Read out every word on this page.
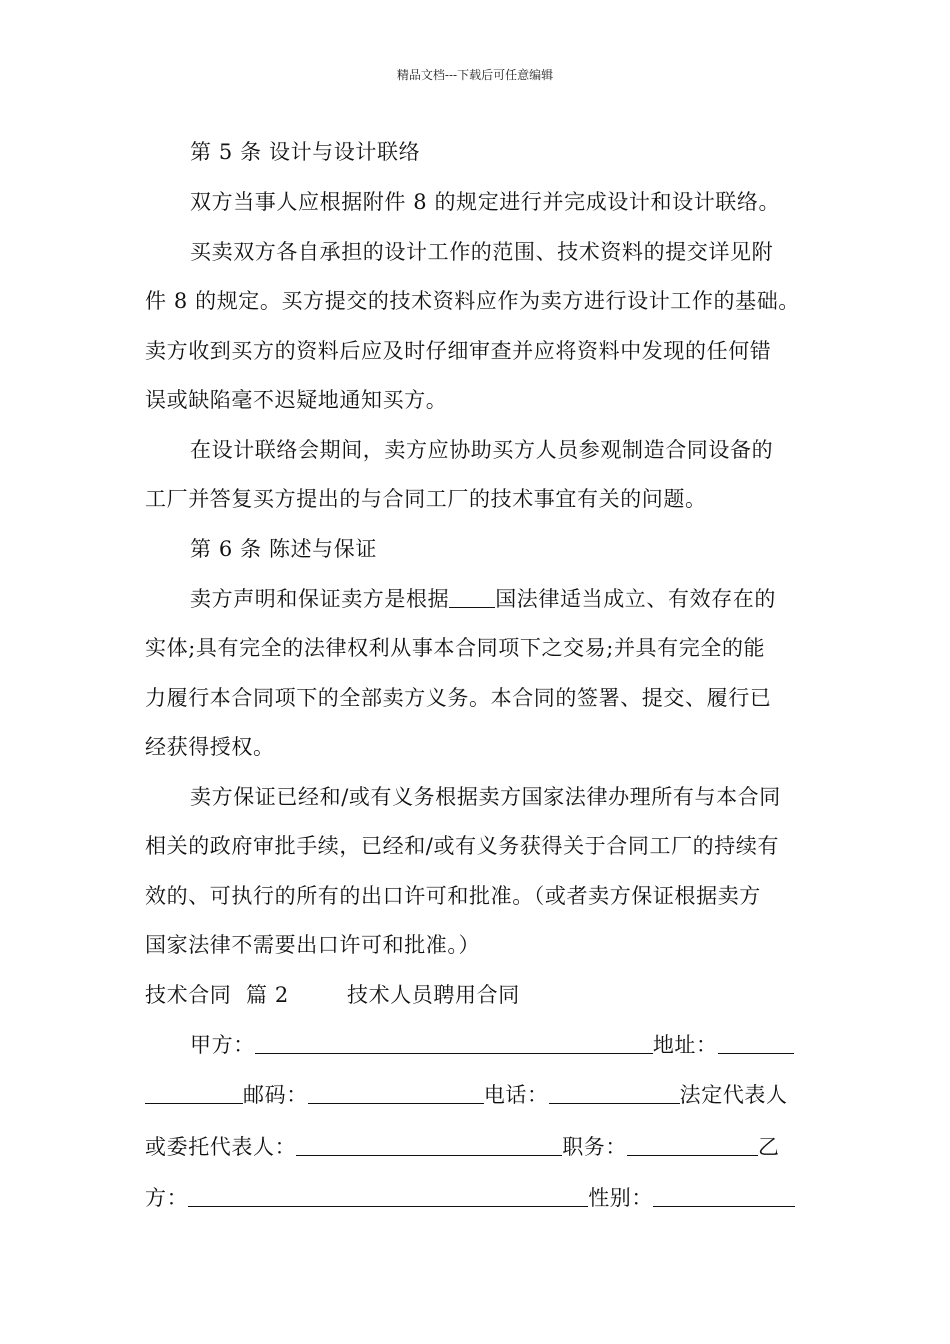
精品文档---下载后可任意编辑
第 5 条 设计与设计联络
双方当事人应根据附件 8 的规定进行并完成设计和设计联络。
买卖双方各自承担的设计工作的范围、技术资料的提交详见附
件 8 的规定。买方提交的技术资料应作为卖方进行设计工作的基础。
卖方收到买方的资料后应及时仔细审查并应将资料中发现的任何错
误或缺陷毫不迟疑地通知买方。
在设计联络会期间，卖方应协助买方人员参观制造合同设备的
工厂并答复买方提出的与合同工厂的技术事宜有关的问题。
第 6 条 陈述与保证
卖方声明和保证卖方是根据 国法律适当成立、有效存在的
实体;具有完全的法律权利从事本合同项下之交易;并具有完全的能
力履行本合同项下的全部卖方义务。本合同的签署、提交、履行已
经获得授权。
卖方保证已经和/或有义务根据卖方国家法律办理所有与本合同
相关的政府审批手续，已经和/或有义务获得关于合同工厂的持续有
效的、可执行的所有的出口许可和批准。（或者卖方保证根据卖方
国家法律不需要出口许可和批准。）
技术合同  篇 2        技术人员聘用合同
甲方：	地址：
邮码：	电话：	法定代表人
或委托代表人：	职务：	乙
方：	性别：
